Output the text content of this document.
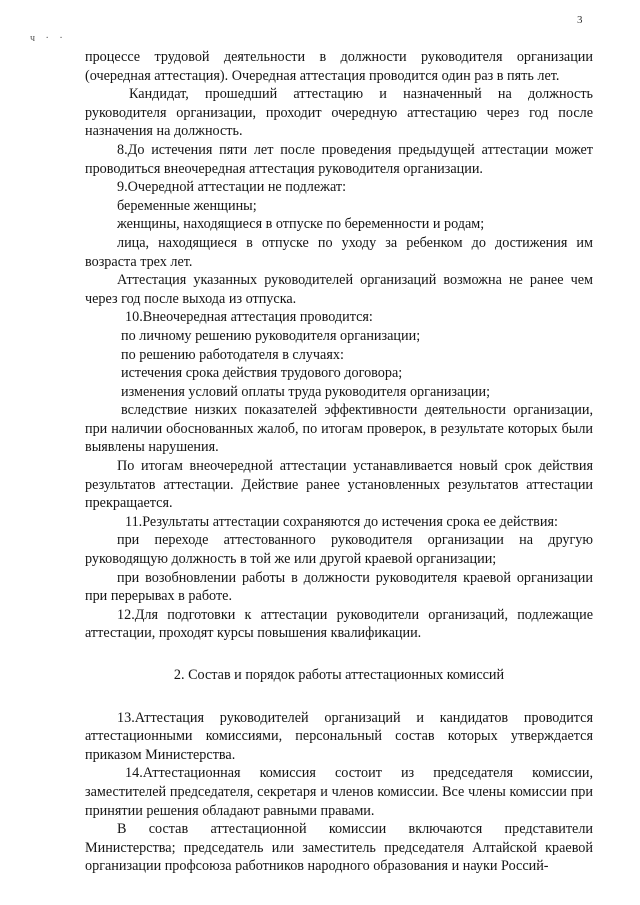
3
ч · ·

процессе трудовой деятельности в должности руководителя организации (очередная аттестация). Очередная аттестация проводится один раз в пять лет.

Кандидат, прошедший аттестацию и назначенный на должность руководителя организации, проходит очередную аттестацию через год после назначения на должность.

8.До истечения пяти лет после проведения предыдущей аттестации может проводиться внеочередная аттестация руководителя организации.

9.Очередной аттестации не подлежат:

беременные женщины;

женщины, находящиеся в отпуске по беременности и родам;

лица, находящиеся в отпуске по уходу за ребенком до достижения им возраста трех лет.

Аттестация указанных руководителей организаций возможна не ранее чем через год после выхода из отпуска.

10.Внеочередная аттестация проводится:

по личному решению руководителя организации;

по решению работодателя в случаях:

истечения срока действия трудового договора;

изменения условий оплаты труда руководителя организации;

вследствие низких показателей эффективности деятельности организации, при наличии обоснованных жалоб, по итогам проверок, в результате которых были выявлены нарушения.

По итогам внеочередной аттестации устанавливается новый срок действия результатов аттестации. Действие ранее установленных результатов аттестации прекращается.

11.Результаты аттестации сохраняются до истечения срока ее действия:

при переходе аттестованного руководителя организации на другую руководящую должность в той же или другой краевой организации;

при возобновлении работы в должности руководителя краевой организации при перерывах в работе.

12.Для подготовки к аттестации руководители организаций, подлежащие аттестации, проходят курсы повышения квалификации.

2. Состав и порядок работы аттестационных комиссий

13.Аттестация руководителей организаций и кандидатов проводится аттестационными комиссиями, персональный состав которых утверждается приказом Министерства.

14.Аттестационная комиссия состоит из председателя комиссии, заместителей председателя, секретаря и членов комиссии. Все члены комиссии при принятии решения обладают равными правами.

В состав аттестационной комиссии включаются представители Министерства; председатель или заместитель председателя Алтайской краевой организации профсоюза работников народного образования и науки Россий-
